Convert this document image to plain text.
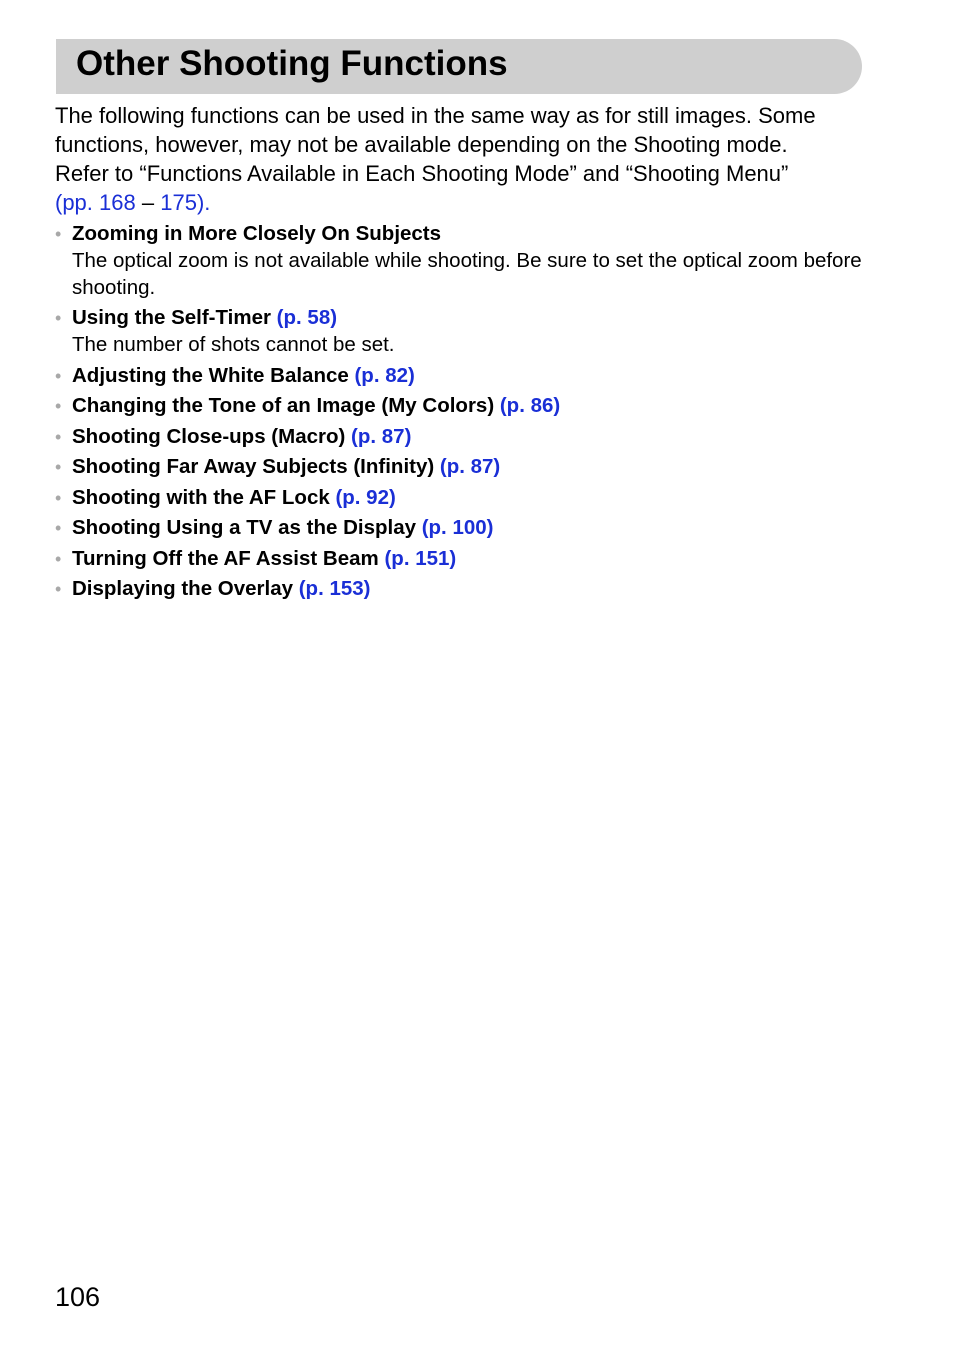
Other Shooting Functions

The following functions can be used in the same way as for still images. Some

functions, however, may not be available depending on the Shooting mode.

Refer to “Functions Available in Each Shooting Mode” and “Shooting Menu”

(pp. 168 – 175).

• Zooming in More Closely On Subjects
The optical zoom is not available while shooting. Be sure to set the optical zoom before shooting.
• Using the Self-Timer (p. 58)
The number of shots cannot be set.
• Adjusting the White Balance (p. 82)
• Changing the Tone of an Image (My Colors) (p. 86)
• Shooting Close-ups (Macro) (p. 87)
• Shooting Far Away Subjects (Infinity) (p. 87)
• Shooting with the AF Lock (p. 92)
• Shooting Using a TV as the Display (p. 100)
• Turning Off the AF Assist Beam (p. 151)
• Displaying the Overlay (p. 153)
106
